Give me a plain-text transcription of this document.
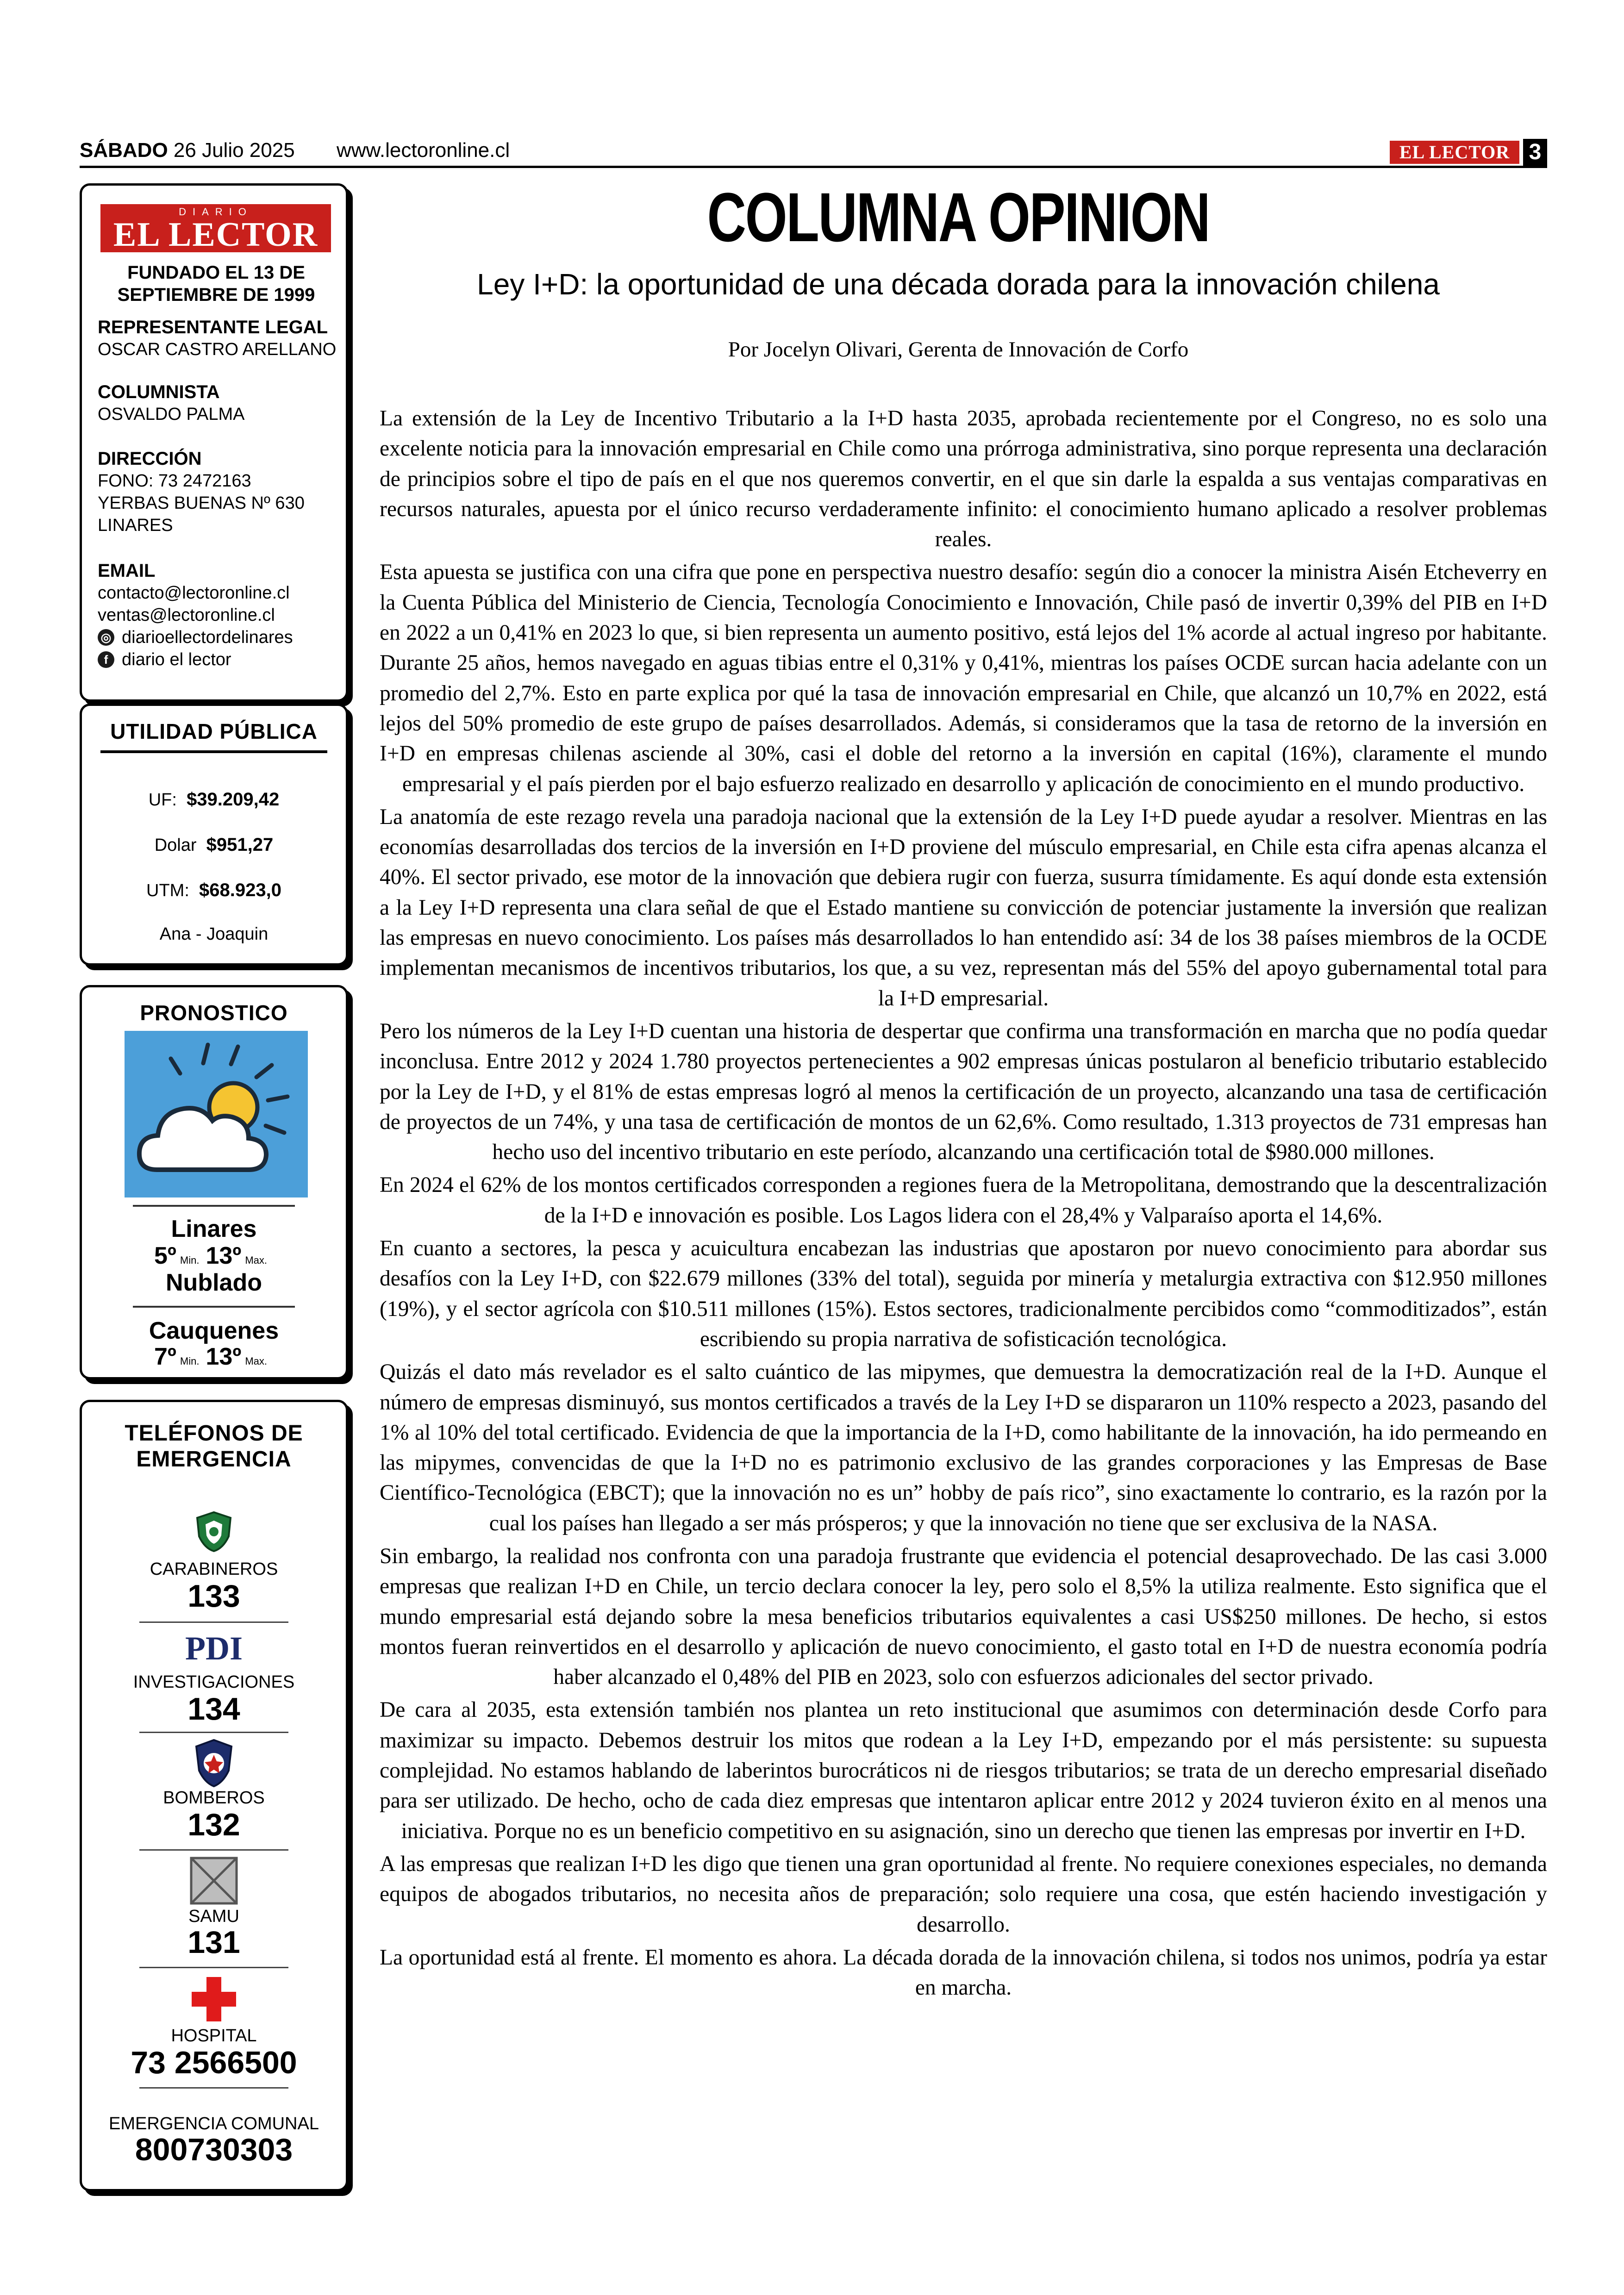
SÁBADO 26 Julio 2025 www.lectoronline.cl	EL LECTOR 3
DIARIO
EL LECTOR
FUNDADO EL 13 DE SEPTIEMBRE DE 1999
REPRESENTANTE LEGAL
OSCAR CASTRO ARELLANO
COLUMNISTA
OSVALDO PALMA
DIRECCIÓN
FONO: 73 2472163
YERBAS BUENAS Nº 630
LINARES
EMAIL
contacto@lectoronline.cl
ventas@lectoronline.cl
◎ diarioellectordelinares
f diario el lector
UTILIDAD PÚBLICA
UF: $39.209,42
Dolar $951,27
UTM: $68.923,0
Ana - Joaquin
PRONOSTICO
Linares
5º Min. 13º Max.
Nublado
Cauquenes
7º Min. 13º Max.
TELÉFONOS DE EMERGENCIA
CARABINEROS
133
PDI
INVESTIGACIONES
134
BOMBEROS
132
SAMU
131
HOSPITAL
73 2566500
EMERGENCIA COMUNAL
800730303
COLUMNA OPINION
Ley I+D: la oportunidad de una década dorada para la innovación chilena
Por Jocelyn Olivari, Gerenta de Innovación de Corfo

La extensión de la Ley de Incentivo Tributario a la I+D hasta 2035, aprobada recientemente por el Congreso, no es solo una excelente noticia para la innovación empresarial en Chile como una prórroga administrativa, sino porque representa una declaración de principios sobre el tipo de país en el que nos queremos convertir, en el que sin darle la espalda a sus ventajas comparativas en recursos naturales, apuesta por el único recurso verdaderamente infinito: el conocimiento humano aplicado a resolver problemas reales.

Esta apuesta se justifica con una cifra que pone en perspectiva nuestro desafío: según dio a conocer la ministra Aisén Etcheverry en la Cuenta Pública del Ministerio de Ciencia, Tecnología Conocimiento e Innovación, Chile pasó de invertir 0,39% del PIB en I+D en 2022 a un 0,41% en 2023 lo que, si bien representa un aumento positivo, está lejos del 1% acorde al actual ingreso por habitante. Durante 25 años, hemos navegado en aguas tibias entre el 0,31% y 0,41%, mientras los países OCDE surcan hacia adelante con un promedio del 2,7%. Esto en parte explica por qué la tasa de innovación empresarial en Chile, que alcanzó un 10,7% en 2022, está lejos del 50% promedio de este grupo de países desarrollados. Además, si consideramos que la tasa de retorno de la inversión en I+D en empresas chilenas asciende al 30%, casi el doble del retorno a la inversión en capital (16%), claramente el mundo empresarial y el país pierden por el bajo esfuerzo realizado en desarrollo y aplicación de conocimiento en el mundo productivo.

La anatomía de este rezago revela una paradoja nacional que la extensión de la Ley I+D puede ayudar a resolver. Mientras en las economías desarrolladas dos tercios de la inversión en I+D proviene del músculo empresarial, en Chile esta cifra apenas alcanza el 40%. El sector privado, ese motor de la innovación que debiera rugir con fuerza, susurra tímidamente. Es aquí donde esta extensión a la Ley I+D representa una clara señal de que el Estado mantiene su convicción de potenciar justamente la inversión que realizan las empresas en nuevo conocimiento. Los países más desarrollados lo han entendido así: 34 de los 38 países miembros de la OCDE implementan mecanismos de incentivos tributarios, los que, a su vez, representan más del 55% del apoyo gubernamental total para la I+D empresarial.

Pero los números de la Ley I+D cuentan una historia de despertar que confirma una transformación en marcha que no podía quedar inconclusa. Entre 2012 y 2024 1.780 proyectos pertenecientes a 902 empresas únicas postularon al beneficio tributario establecido por la Ley de I+D, y el 81% de estas empresas logró al menos la certificación de un proyecto, alcanzando una tasa de certificación de proyectos de un 74%, y una tasa de certificación de montos de un 62,6%. Como resultado, 1.313 proyectos de 731 empresas han hecho uso del incentivo tributario en este período, alcanzando una certificación total de $980.000 millones.

En 2024 el 62% de los montos certificados corresponden a regiones fuera de la Metropolitana, demostrando que la descentralización de la I+D e innovación es posible. Los Lagos lidera con el 28,4% y Valparaíso aporta el 14,6%.

En cuanto a sectores, la pesca y acuicultura encabezan las industrias que apostaron por nuevo conocimiento para abordar sus desafíos con la Ley I+D, con $22.679 millones (33% del total), seguida por minería y metalurgia extractiva con $12.950 millones (19%), y el sector agrícola con $10.511 millones (15%). Estos sectores, tradicionalmente percibidos como “commoditizados”, están escribiendo su propia narrativa de sofisticación tecnológica.

Quizás el dato más revelador es el salto cuántico de las mipymes, que demuestra la democratización real de la I+D. Aunque el número de empresas disminuyó, sus montos certificados a través de la Ley I+D se dispararon un 110% respecto a 2023, pasando del 1% al 10% del total certificado. Evidencia de que la importancia de la I+D, como habilitante de la innovación, ha ido permeando en las mipymes, convencidas de que la I+D no es patrimonio exclusivo de las grandes corporaciones y las Empresas de Base Científico-Tecnológica (EBCT); que la innovación no es un” hobby de país rico”, sino exactamente lo contrario, es la razón por la cual los países han llegado a ser más prósperos; y que la innovación no tiene que ser exclusiva de la NASA.

Sin embargo, la realidad nos confronta con una paradoja frustrante que evidencia el potencial desaprovechado. De las casi 3.000 empresas que realizan I+D en Chile, un tercio declara conocer la ley, pero solo el 8,5% la utiliza realmente. Esto significa que el mundo empresarial está dejando sobre la mesa beneficios tributarios equivalentes a casi US$250 millones. De hecho, si estos montos fueran reinvertidos en el desarrollo y aplicación de nuevo conocimiento, el gasto total en I+D de nuestra economía podría haber alcanzado el 0,48% del PIB en 2023, solo con esfuerzos adicionales del sector privado.

De cara al 2035, esta extensión también nos plantea un reto institucional que asumimos con determinación desde Corfo para maximizar su impacto. Debemos destruir los mitos que rodean a la Ley I+D, empezando por el más persistente: su supuesta complejidad. No estamos hablando de laberintos burocráticos ni de riesgos tributarios; se trata de un derecho empresarial diseñado para ser utilizado. De hecho, ocho de cada diez empresas que intentaron aplicar entre 2012 y 2024 tuvieron éxito en al menos una iniciativa. Porque no es un beneficio competitivo en su asignación, sino un derecho que tienen las empresas por invertir en I+D.

A las empresas que realizan I+D les digo que tienen una gran oportunidad al frente. No requiere conexiones especiales, no demanda equipos de abogados tributarios, no necesita años de preparación; solo requiere una cosa, que estén haciendo investigación y desarrollo.

La oportunidad está al frente. El momento es ahora. La década dorada de la innovación chilena, si todos nos unimos, podría ya estar en marcha.
